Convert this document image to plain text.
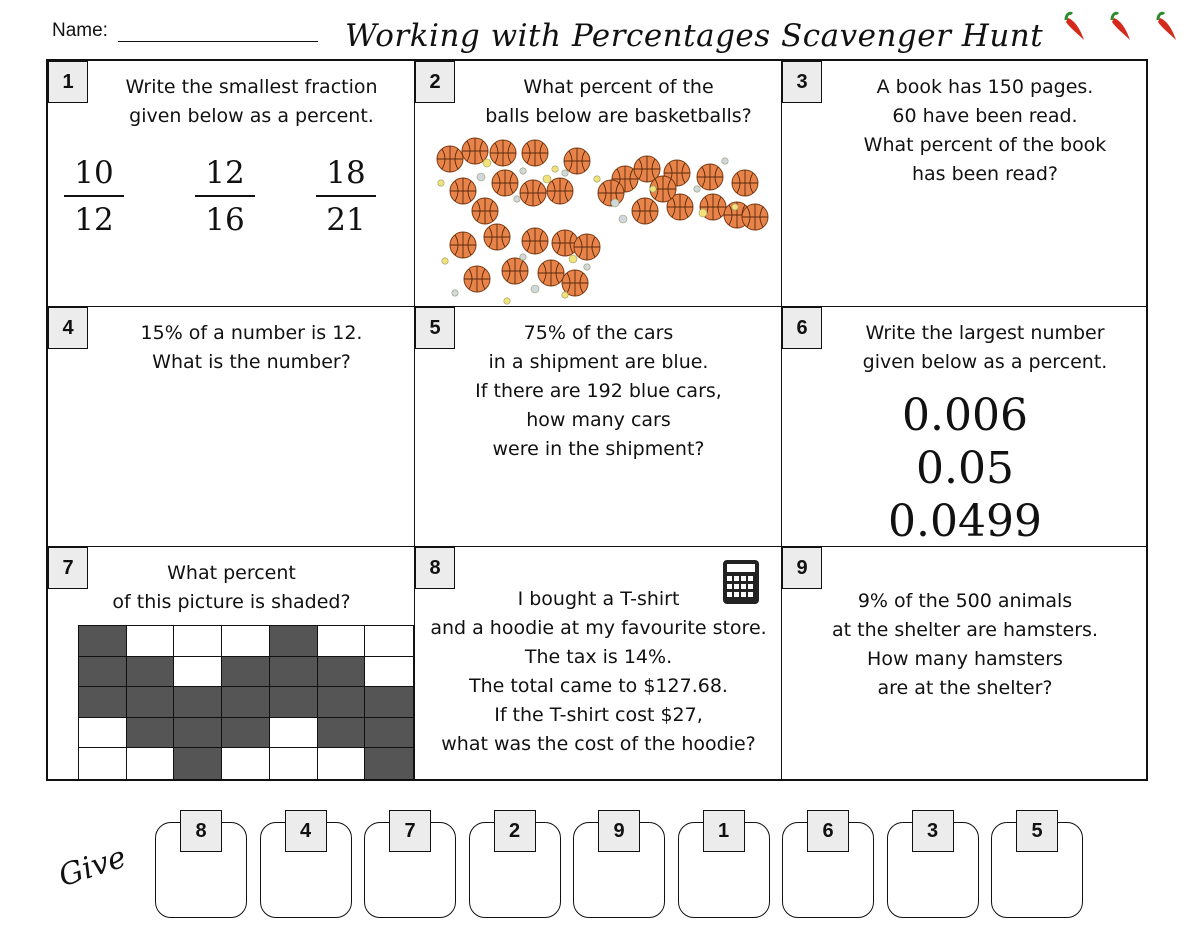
Name:	Working with Percentages Scavenger Hunt
1	Write the smallest fraction
given below as a percent.
$\frac{10}{12} \frac{12}{16} \frac{18}{21}$
2	What percent of the
balls below are basketballs?
3	A book has 150 pages.
60 have been read.
What percent of the book
has been read?
4	15% of a number is 12.
What is the number?
5	75% of the cars
in a shipment are blue.
If there are 192 blue cars,
how many cars
were in the shipment?
6	Write the largest number
given below as a percent.
0.006
0.05
0.0499
7	What percent
of this picture is shaded?
8
I bought a T-shirt
and a hoodie at my favourite store.
The tax is 14%.
The total came to $127.68.
If the T-shirt cost $27,
what was the cost of the hoodie?
9
9% of the 500 animals
at the shelter are hamsters.
How many hamsters
are at the shelter?
8	4	7	2	9	1	6	3	5
Give
